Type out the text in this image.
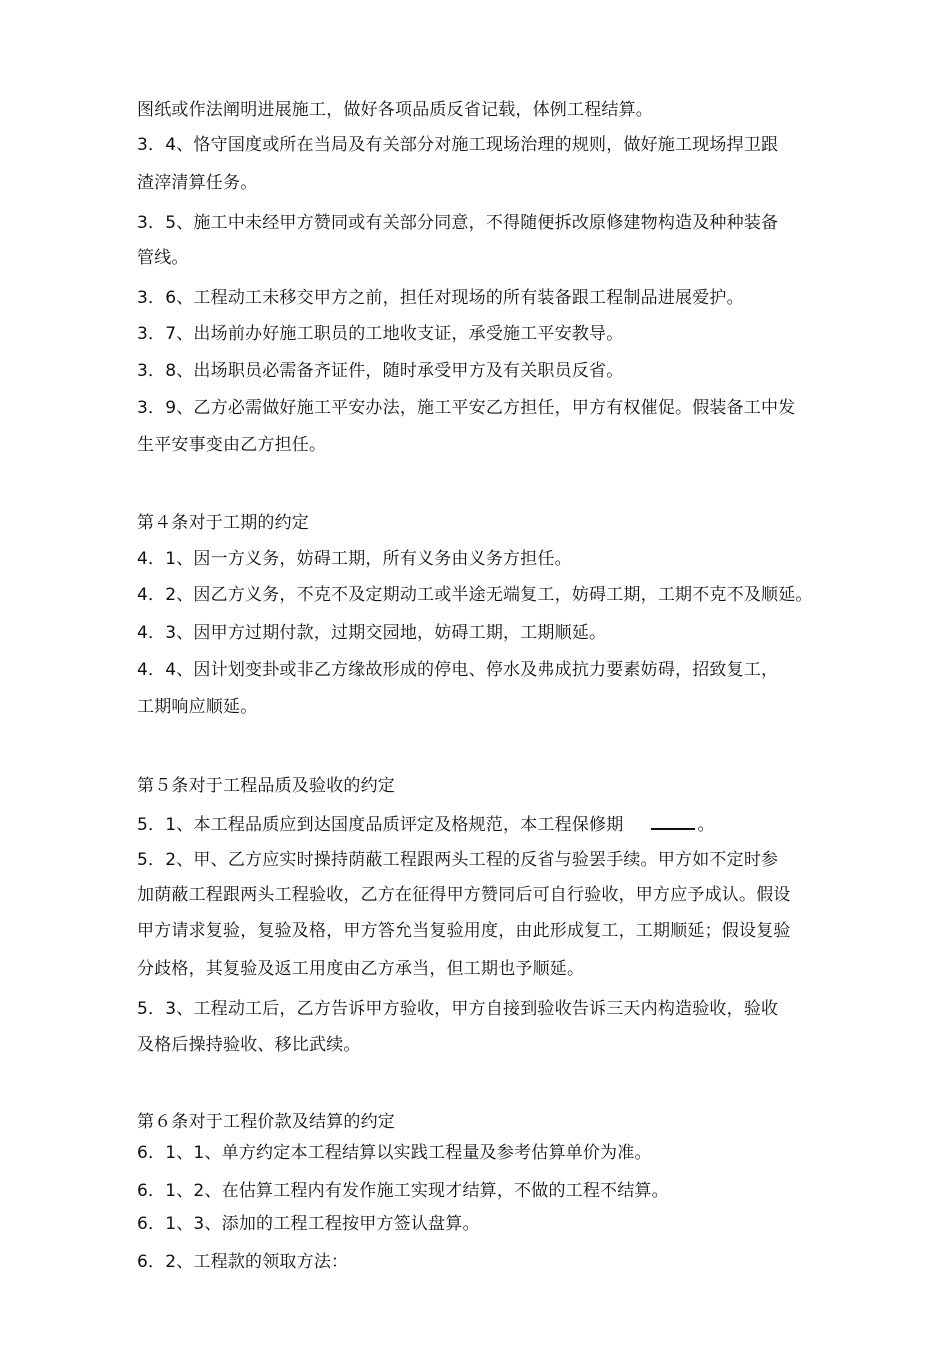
图纸或作法阐明进展施工，做好各项品质反省记载，体例工程结算。
3．4、恪守国度或所在当局及有关部分对施工现场治理的规则，做好施工现场捍卫跟
渣滓清算任务。
3．5、施工中未经甲方赞同或有关部分同意，不得随便拆改原修建物构造及种种装备
管线。
3．6、工程动工未移交甲方之前，担任对现场的所有装备跟工程制品进展爱护。
3．7、出场前办好施工职员的工地收支证，承受施工平安教导。
3．8、出场职员必需备齐证件，随时承受甲方及有关职员反省。
3．9、乙方必需做好施工平安办法，施工平安乙方担任，甲方有权催促。假装备工中发
生平安事变由乙方担任。
第４条对于工期的约定
4．1、因一方义务，妨碍工期，所有义务由义务方担任。
4．2、因乙方义务，不克不及定期动工或半途无端复工，妨碍工期，工期不克不及顺延。
4．3、因甲方过期付款，过期交园地，妨碍工期，工期顺延。
4．4、因计划变卦或非乙方缘故形成的停电、停水及弗成抗力要素妨碍，招致复工，
工期响应顺延。
第５条对于工程品质及验收的约定
5．1、本工程品质应到达国度品质评定及格规范，本工程保修期	。
5．2、甲、乙方应实时操持荫蔽工程跟两头工程的反省与验罢手续。甲方如不定时参
加荫蔽工程跟两头工程验收，乙方在征得甲方赞同后可自行验收，甲方应予成认。假设
甲方请求复验，复验及格，甲方答允当复验用度，由此形成复工，工期顺延；假设复验
分歧格，其复验及返工用度由乙方承当，但工期也予顺延。
5．3、工程动工后，乙方告诉甲方验收，甲方自接到验收告诉三天内构造验收，验收
及格后操持验收、移比武续。
第６条对于工程价款及结算的约定
6．1、1、单方约定本工程结算以实践工程量及参考估算单价为准。
6．1、2、在估算工程内有发作施工实现才结算，不做的工程不结算。
6．1、3、添加的工程工程按甲方签认盘算。
6．2、工程款的领取方法：
